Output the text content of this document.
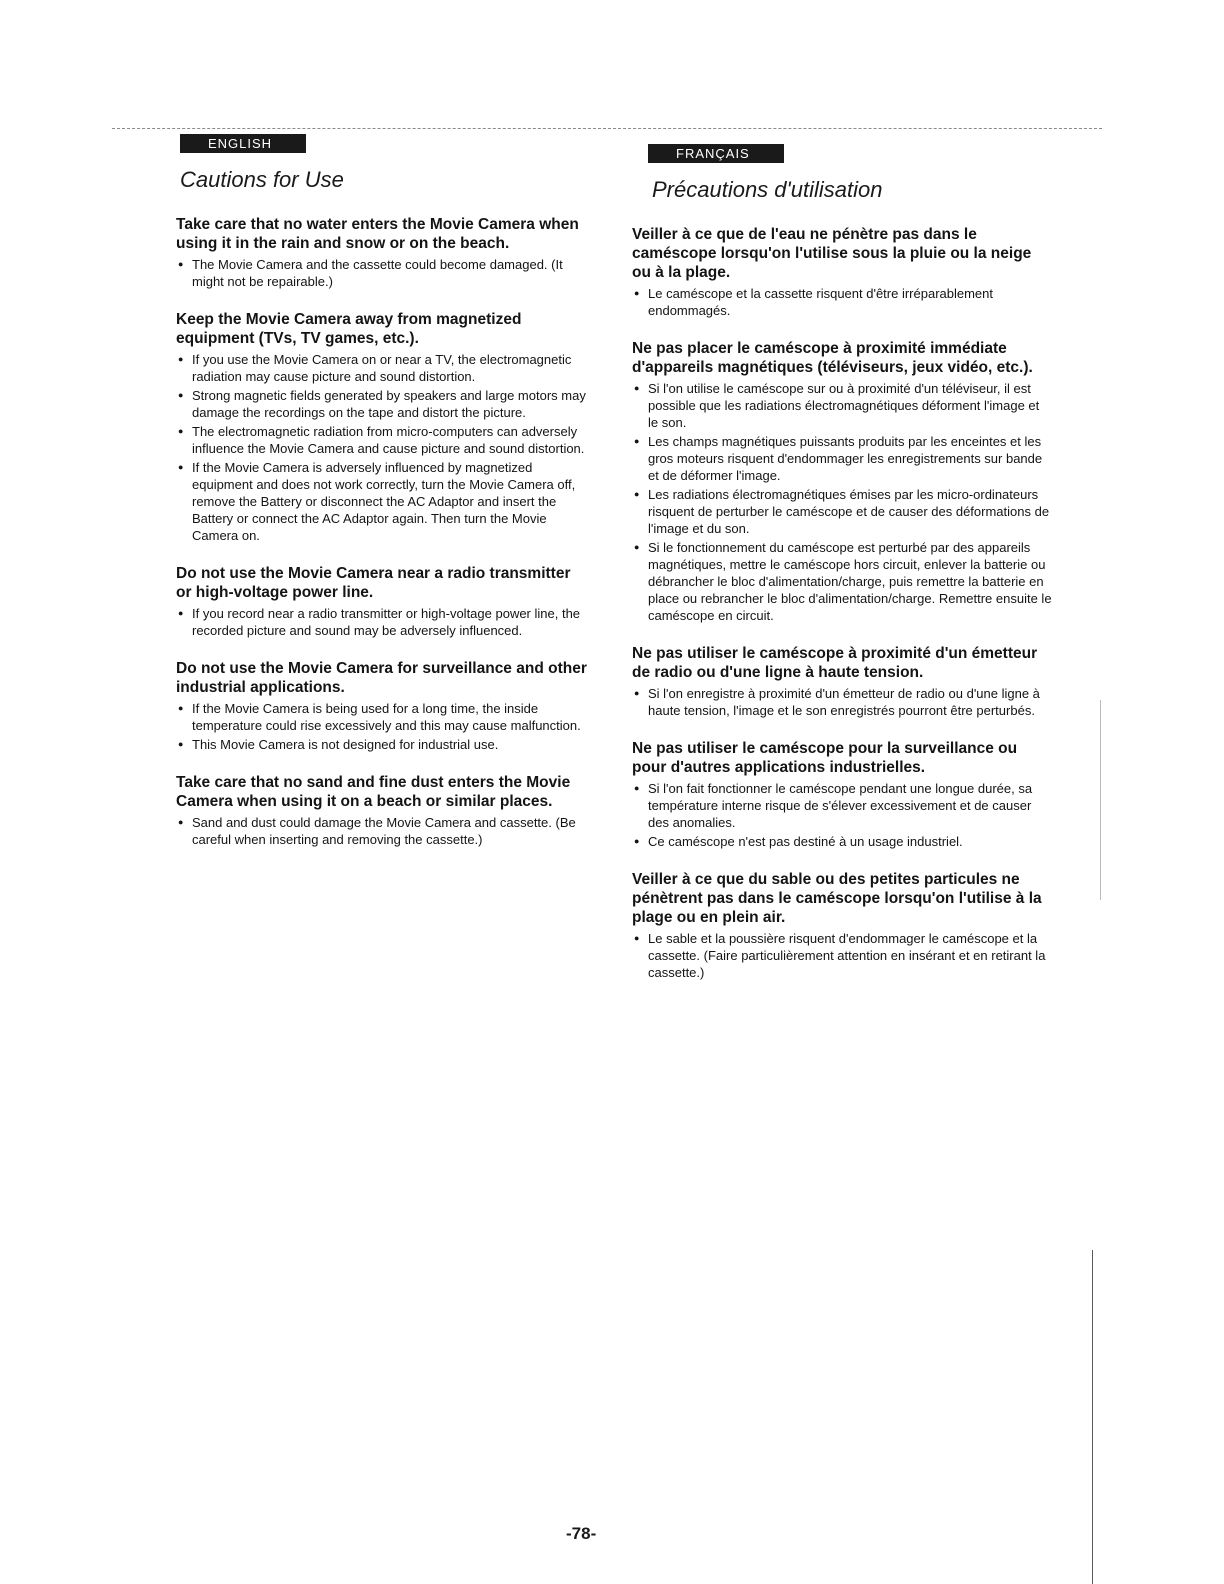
ENGLISH
Cautions for Use
Take care that no water enters the Movie Camera when using it in the rain and snow or on the beach.
● The Movie Camera and the cassette could become damaged. (It might not be repairable.)
Keep the Movie Camera away from magnetized equipment (TVs, TV games, etc.).
● If you use the Movie Camera on or near a TV, the electromagnetic radiation may cause picture and sound distortion.
● Strong magnetic fields generated by speakers and large motors may damage the recordings on the tape and distort the picture.
● The electromagnetic radiation from micro-computers can adversely influence the Movie Camera and cause picture and sound distortion.
● If the Movie Camera is adversely influenced by magnetized equipment and does not work correctly, turn the Movie Camera off, remove the Battery or disconnect the AC Adaptor and insert the Battery or connect the AC Adaptor again. Then turn the Movie Camera on.
Do not use the Movie Camera near a radio transmitter or high-voltage power line.
● If you record near a radio transmitter or high-voltage power line, the recorded picture and sound may be adversely influenced.
Do not use the Movie Camera for surveillance and other industrial applications.
● If the Movie Camera is being used for a long time, the inside temperature could rise excessively and this may cause malfunction.
● This Movie Camera is not designed for industrial use.
Take care that no sand and fine dust enters the Movie Camera when using it on a beach or similar places.
● Sand and dust could damage the Movie Camera and cassette. (Be careful when inserting and removing the cassette.)
FRANÇAIS
Précautions d'utilisation
Veiller à ce que de l'eau ne pénètre pas dans le caméscope lorsqu'on l'utilise sous la pluie ou la neige ou à la plage.
● Le caméscope et la cassette risquent d'être irréparablement endommagés.
Ne pas placer le caméscope à proximité immédiate d'appareils magnétiques (téléviseurs, jeux vidéo, etc.).
● Si l'on utilise le caméscope sur ou à proximité d'un téléviseur, il est possible que les radiations électromagnétiques déforment l'image et le son.
● Les champs magnétiques puissants produits par les enceintes et les gros moteurs risquent d'endommager les enregistrements sur bande et de déformer l'image.
● Les radiations électromagnétiques émises par les micro-ordinateurs risquent de perturber le caméscope et de causer des déformations de l'image et du son.
● Si le fonctionnement du caméscope est perturbé par des appareils magnétiques, mettre le caméscope hors circuit, enlever la batterie ou débrancher le bloc d'alimentation/charge, puis remettre la batterie en place ou rebrancher le bloc d'alimentation/charge. Remettre ensuite le caméscope en circuit.
Ne pas utiliser le caméscope à proximité d'un émetteur de radio ou d'une ligne à haute tension.
● Si l'on enregistre à proximité d'un émetteur de radio ou d'une ligne à haute tension, l'image et le son enregistrés pourront être perturbés.
Ne pas utiliser le caméscope pour la surveillance ou pour d'autres applications industrielles.
● Si l'on fait fonctionner le caméscope pendant une longue durée, sa température interne risque de s'élever excessivement et de causer des anomalies.
● Ce caméscope n'est pas destiné à un usage industriel.
Veiller à ce que du sable ou des petites particules ne pénètrent pas dans le caméscope lorsqu'on l'utilise à la plage ou en plein air.
● Le sable et la poussière risquent d'endommager le caméscope et la cassette. (Faire particulièrement attention en insérant et en retirant la cassette.)
-78-
